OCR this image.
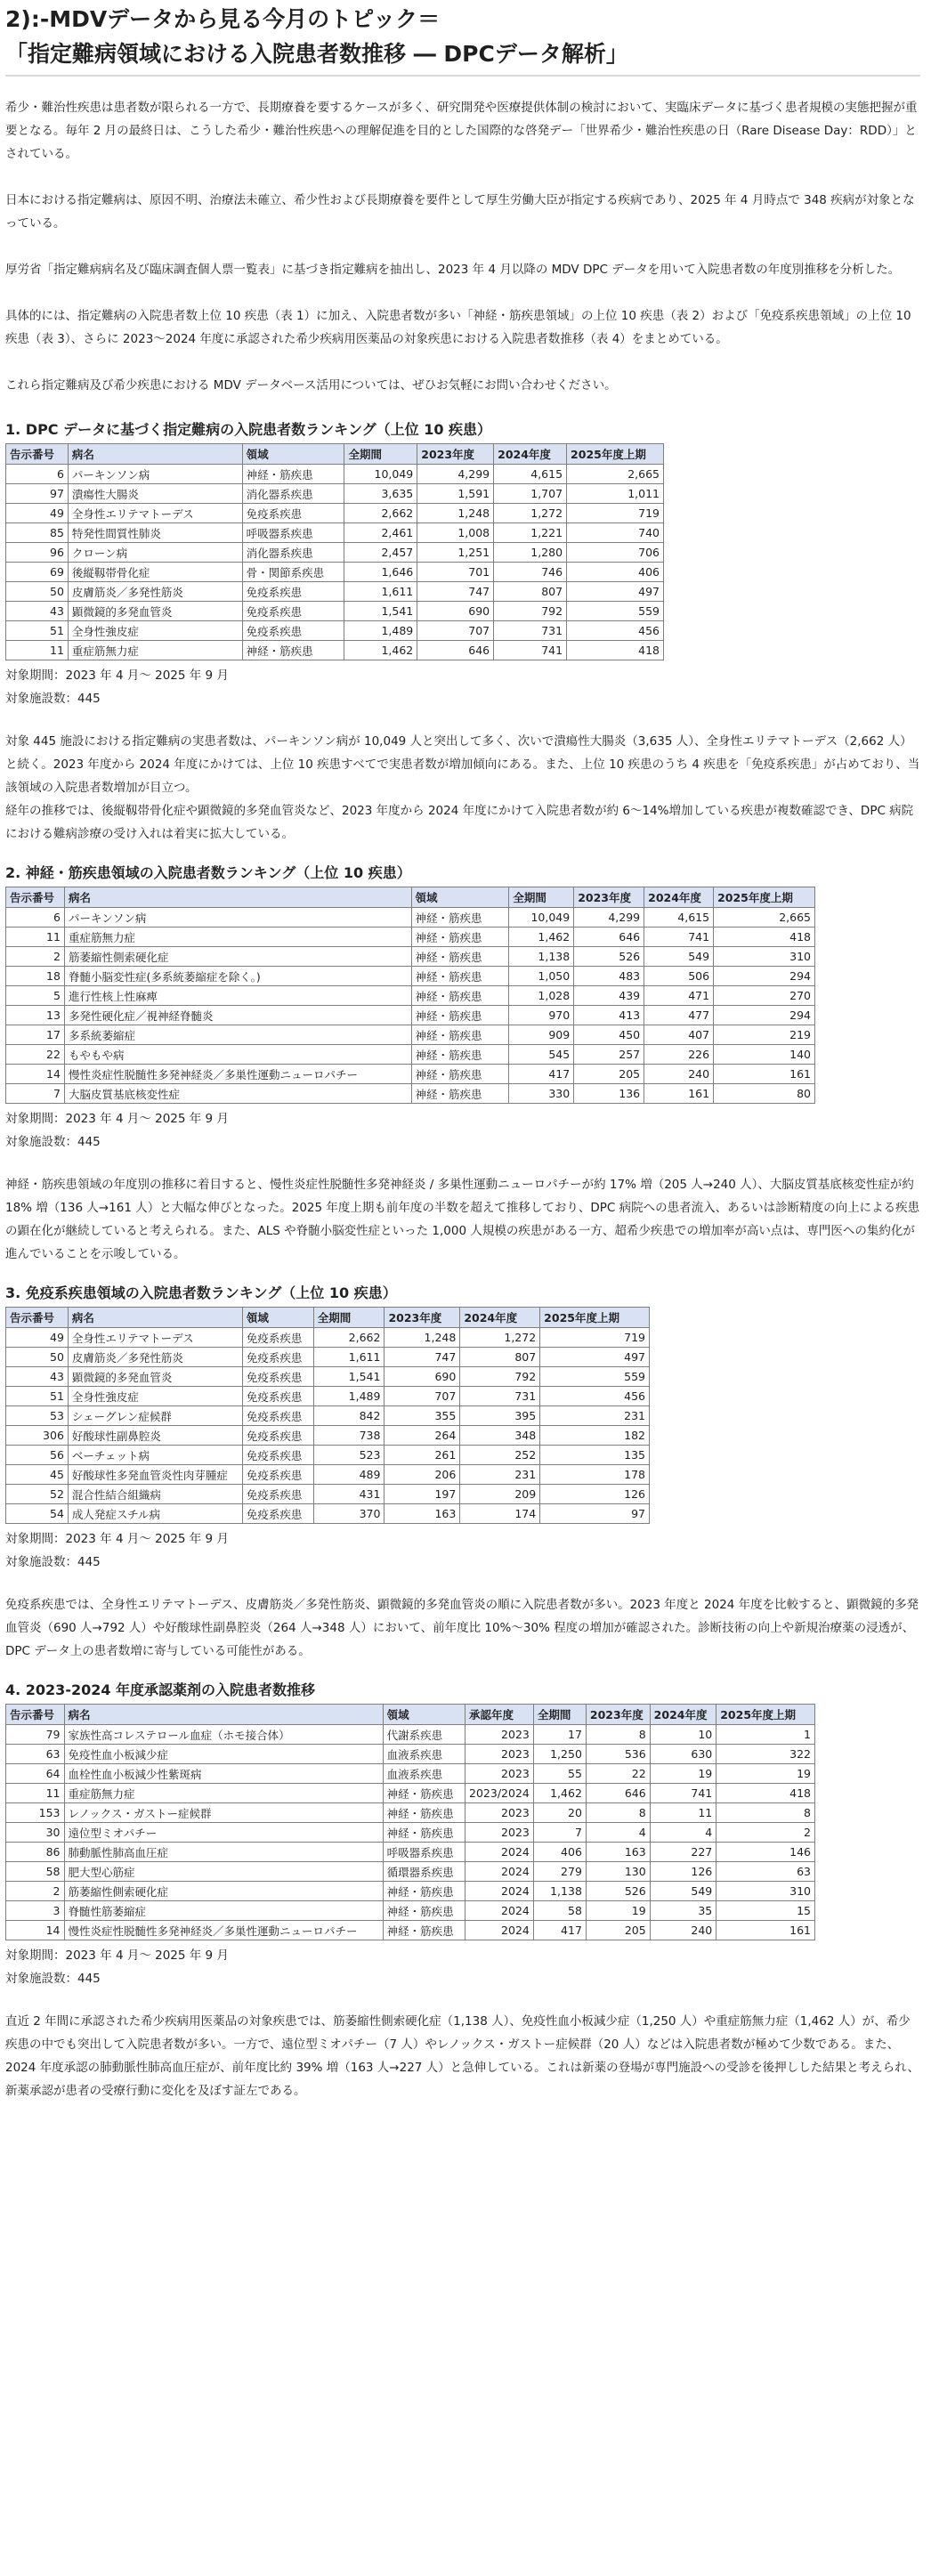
2):-MDVデータから見る今月のトピック＝
「指定難病領域における入院患者数推移 ― DPCデータ解析」

希少・難治性疾患は患者数が限られる一方で、長期療養を要するケースが多く、研究開発や医療提供体制の検討において、実臨床データに基づく患者規模の実態把握が重要となる。毎年 2 月の最終日は、こうした希少・難治性疾患への理解促進を目的とした国際的な啓発デー「世界希少・難治性疾患の日（Rare Disease Day：RDD）」とされている。

日本における指定難病は、原因不明、治療法未確立、希少性および長期療養を要件として厚生労働大臣が指定する疾病であり、2025 年 4 月時点で 348 疾病が対象となっている。

厚労省「指定難病病名及び臨床調査個人票一覧表」に基づき指定難病を抽出し、2023 年 4 月以降の MDV DPC データを用いて入院患者数の年度別推移を分析した。

具体的には、指定難病の入院患者数上位 10 疾患（表 1）に加え、入院患者数が多い「神経・筋疾患領域」の上位 10 疾患（表 2）および「免疫系疾患領域」の上位 10 疾患（表 3）、さらに 2023～2024 年度に承認された希少疾病用医薬品の対象疾患における入院患者数推移（表 4）をまとめている。

これら指定難病及び希少疾患における MDV データベース活用については、ぜひお気軽にお問い合わせください。

1. DPC データに基づく指定難病の入院患者数ランキング（上位 10 疾患）
告示番号	病名	領域	全期間	2023年度	2024年度	2025年度上期
6	パーキンソン病	神経・筋疾患	10,049	4,299	4,615	2,665
97	潰瘍性大腸炎	消化器系疾患	3,635	1,591	1,707	1,011
49	全身性エリテマトーデス	免疫系疾患	2,662	1,248	1,272	719
85	特発性間質性肺炎	呼吸器系疾患	2,461	1,008	1,221	740
96	クローン病	消化器系疾患	2,457	1,251	1,280	706
69	後縦靱帯骨化症	骨・関節系疾患	1,646	701	746	406
50	皮膚筋炎／多発性筋炎	免疫系疾患	1,611	747	807	497
43	顕微鏡的多発血管炎	免疫系疾患	1,541	690	792	559
51	全身性強皮症	免疫系疾患	1,489	707	731	456
11	重症筋無力症	神経・筋疾患	1,462	646	741	418
対象期間：2023 年 4 月～ 2025 年 9 月
対象施設数：445

対象 445 施設における指定難病の実患者数は、パーキンソン病が 10,049 人と突出して多く、次いで潰瘍性大腸炎（3,635 人）、全身性エリテマトーデス（2,662 人）と続く。2023 年度から 2024 年度にかけては、上位 10 疾患すべてで実患者数が増加傾向にある。また、上位 10 疾患のうち 4 疾患を「免疫系疾患」が占めており、当該領域の入院患者数増加が目立つ。

経年の推移では、後縦靱帯骨化症や顕微鏡的多発血管炎など、2023 年度から 2024 年度にかけて入院患者数が約 6～14%増加している疾患が複数確認でき、DPC 病院における難病診療の受け入れは着実に拡大している。

2. 神経・筋疾患領域の入院患者数ランキング（上位 10 疾患）
告示番号	病名	領域	全期間	2023年度	2024年度	2025年度上期
6	パーキンソン病	神経・筋疾患	10,049	4,299	4,615	2,665
11	重症筋無力症	神経・筋疾患	1,462	646	741	418
2	筋萎縮性側索硬化症	神経・筋疾患	1,138	526	549	310
18	脊髄小脳変性症(多系統萎縮症を除く。)	神経・筋疾患	1,050	483	506	294
5	進行性核上性麻痺	神経・筋疾患	1,028	439	471	270
13	多発性硬化症／視神経脊髄炎	神経・筋疾患	970	413	477	294
17	多系統萎縮症	神経・筋疾患	909	450	407	219
22	もやもや病	神経・筋疾患	545	257	226	140
14	慢性炎症性脱髄性多発神経炎／多巣性運動ニューロパチー	神経・筋疾患	417	205	240	161
7	大脳皮質基底核変性症	神経・筋疾患	330	136	161	80
対象期間：2023 年 4 月～ 2025 年 9 月
対象施設数：445

神経・筋疾患領域の年度別の推移に着目すると、慢性炎症性脱髄性多発神経炎 / 多巣性運動ニューロパチーが約 17% 増（205 人→240 人）、大脳皮質基底核変性症が約 18% 増（136 人→161 人）と大幅な伸びとなった。2025 年度上期も前年度の半数を超えて推移しており、DPC 病院への患者流入、あるいは診断精度の向上による疾患の顕在化が継続していると考えられる。また、ALS や脊髄小脳変性症といった 1,000 人規模の疾患がある一方、超希少疾患での増加率が高い点は、専門医への集約化が進んでいることを示唆している。

3. 免疫系疾患領域の入院患者数ランキング（上位 10 疾患）
告示番号	病名	領域	全期間	2023年度	2024年度	2025年度上期
49	全身性エリテマトーデス	免疫系疾患	2,662	1,248	1,272	719
50	皮膚筋炎／多発性筋炎	免疫系疾患	1,611	747	807	497
43	顕微鏡的多発血管炎	免疫系疾患	1,541	690	792	559
51	全身性強皮症	免疫系疾患	1,489	707	731	456
53	シェーグレン症候群	免疫系疾患	842	355	395	231
306	好酸球性副鼻腔炎	免疫系疾患	738	264	348	182
56	ベーチェット病	免疫系疾患	523	261	252	135
45	好酸球性多発血管炎性肉芽腫症	免疫系疾患	489	206	231	178
52	混合性結合組織病	免疫系疾患	431	197	209	126
54	成人発症スチル病	免疫系疾患	370	163	174	97
対象期間：2023 年 4 月～ 2025 年 9 月
対象施設数：445

免疫系疾患では、全身性エリテマトーデス、皮膚筋炎／多発性筋炎、顕微鏡的多発血管炎の順に入院患者数が多い。2023 年度と 2024 年度を比較すると、顕微鏡的多発血管炎（690 人→792 人）や好酸球性副鼻腔炎（264 人→348 人）において、前年度比 10%～30% 程度の増加が確認された。診断技術の向上や新規治療薬の浸透が、DPC データ上の患者数増に寄与している可能性がある。

4. 2023-2024 年度承認薬剤の入院患者数推移
告示番号	病名	領域	承認年度	全期間	2023年度	2024年度	2025年度上期
79	家族性高コレステロール血症（ホモ接合体）	代謝系疾患	2023	17	8	10	1
63	免疫性血小板減少症	血液系疾患	2023	1,250	536	630	322
64	血栓性血小板減少性紫斑病	血液系疾患	2023	55	22	19	19
11	重症筋無力症	神経・筋疾患	2023/2024	1,462	646	741	418
153	レノックス・ガストー症候群	神経・筋疾患	2023	20	8	11	8
30	遠位型ミオパチー	神経・筋疾患	2023	7	4	4	2
86	肺動脈性肺高血圧症	呼吸器系疾患	2024	406	163	227	146
58	肥大型心筋症	循環器系疾患	2024	279	130	126	63
2	筋萎縮性側索硬化症	神経・筋疾患	2024	1,138	526	549	310
3	脊髄性筋萎縮症	神経・筋疾患	2024	58	19	35	15
14	慢性炎症性脱髄性多発神経炎／多巣性運動ニューロパチー	神経・筋疾患	2024	417	205	240	161
対象期間：2023 年 4 月～ 2025 年 9 月
対象施設数：445

直近 2 年間に承認された希少疾病用医薬品の対象疾患では、筋萎縮性側索硬化症（1,138 人）、免疫性血小板減少症（1,250 人）や重症筋無力症（1,462 人）が、希少疾患の中でも突出して入院患者数が多い。一方で、遠位型ミオパチー（7 人）やレノックス・ガストー症候群（20 人）などは入院患者数が極めて少数である。また、2024 年度承認の肺動脈性肺高血圧症が、前年度比約 39% 増（163 人→227 人）と急伸している。これは新薬の登場が専門施設への受診を後押しした結果と考えられ、新薬承認が患者の受療行動に変化を及ぼす証左である。
